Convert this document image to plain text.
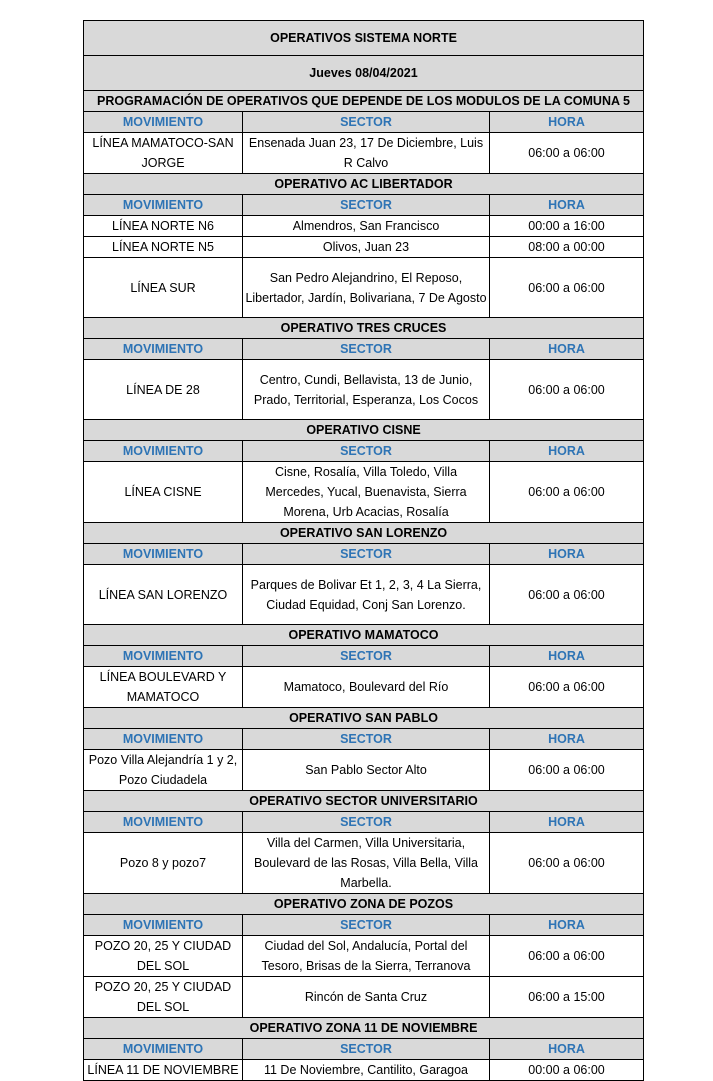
OPERATIVOS SISTEMA NORTE		
Jueves 08/04/2021		
PROGRAMACIÓN DE OPERATIVOS QUE DEPENDE DE LOS MODULOS DE LA COMUNA 5		
MOVIMIENTO	SECTOR	HORA
LÍNEA MAMATOCO-SAN JORGE	Ensenada Juan 23, 17 De Diciembre, Luis R Calvo	06:00 a 06:00
OPERATIVO AC LIBERTADOR		
MOVIMIENTO	SECTOR	HORA
LÍNEA NORTE N6	Almendros, San Francisco	00:00 a 16:00
LÍNEA NORTE N5	Olivos, Juan 23	08:00 a 00:00
LÍNEA SUR	San Pedro Alejandrino, El Reposo, Libertador, Jardín, Bolivariana, 7 De Agosto	06:00 a 06:00
OPERATIVO TRES CRUCES		
MOVIMIENTO	SECTOR	HORA
LÍNEA DE 28	Centro, Cundi, Bellavista, 13 de Junio, Prado, Territorial, Esperanza, Los Cocos	06:00 a 06:00
OPERATIVO CISNE		
MOVIMIENTO	SECTOR	HORA
LÍNEA CISNE	Cisne, Rosalía, Villa Toledo, Villa Mercedes, Yucal, Buenavista, Sierra Morena, Urb Acacias, Rosalía	06:00 a 06:00
OPERATIVO SAN LORENZO		
MOVIMIENTO	SECTOR	HORA
LÍNEA SAN LORENZO	Parques de Bolivar Et 1, 2, 3, 4 La Sierra, Ciudad Equidad, Conj San Lorenzo.	06:00 a 06:00
OPERATIVO MAMATOCO		
MOVIMIENTO	SECTOR	HORA
LÍNEA BOULEVARD Y MAMATOCO	Mamatoco, Boulevard del Río	06:00 a 06:00
OPERATIVO SAN PABLO		
MOVIMIENTO	SECTOR	HORA
Pozo Villa Alejandría 1 y 2, Pozo Ciudadela	San Pablo Sector Alto	06:00 a 06:00
OPERATIVO SECTOR UNIVERSITARIO		
MOVIMIENTO	SECTOR	HORA
Pozo 8 y pozo7	Villa del Carmen, Villa Universitaria, Boulevard de las Rosas, Villa Bella, Villa Marbella.	06:00 a 06:00
OPERATIVO ZONA DE POZOS		
MOVIMIENTO	SECTOR	HORA
POZO 20, 25 Y CIUDAD DEL SOL	Ciudad del Sol, Andalucía, Portal del Tesoro, Brisas de la Sierra, Terranova	06:00 a 06:00
POZO 20, 25 Y CIUDAD DEL SOL	Rincón de Santa Cruz	06:00 a 15:00
OPERATIVO ZONA 11 DE NOVIEMBRE		
MOVIMIENTO	SECTOR	HORA
LÍNEA 11 DE NOVIEMBRE	11 De Noviembre, Cantilito, Garagoa	00:00 a 06:00
